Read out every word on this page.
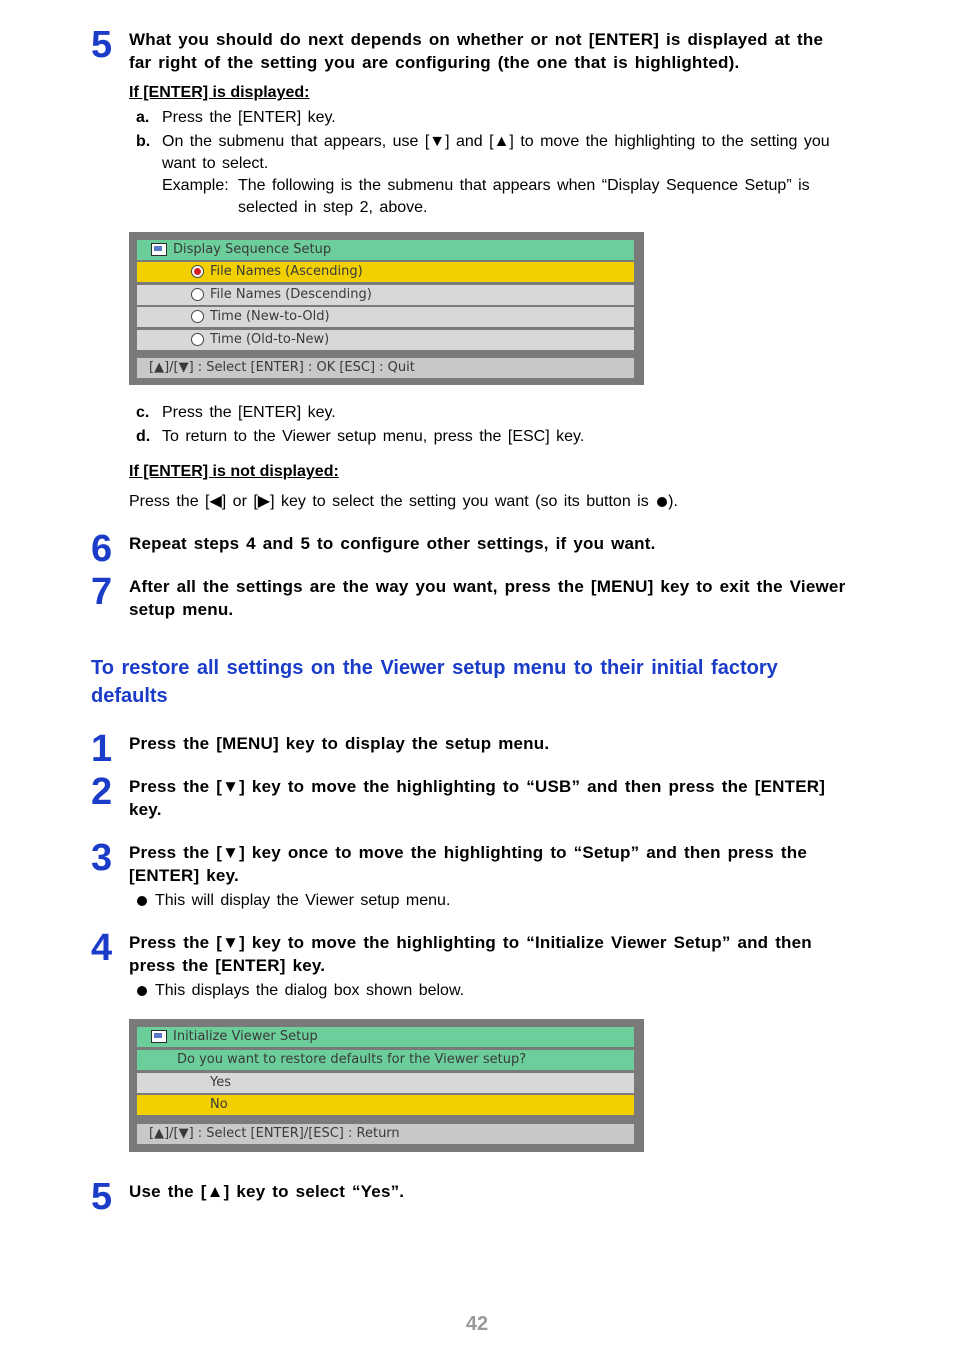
5 What you should do next depends on whether or not [ENTER] is displayed at the far right of the setting you are configuring (the one that is highlighted).
If [ENTER] is displayed:
a. Press the [ENTER] key.
b. On the submenu that appears, use [▼] and [▲] to move the highlighting to the setting you want to select.
Example: The following is the submenu that appears when “Display Sequence Setup” is selected in step 2, above.
Display Sequence Setup
File Names (Ascending)
File Names (Descending)
Time (New-to-Old)
Time (Old-to-New)
[▲]/[▼] : Select [ENTER] : OK [ESC] : Quit
c. Press the [ENTER] key.
d. To return to the Viewer setup menu, press the [ESC] key.
If [ENTER] is not displayed:
Press the [◀] or [▶] key to select the setting you want (so its button is ).
6 Repeat steps 4 and 5 to configure other settings, if you want.
7 After all the settings are the way you want, press the [MENU] key to exit the Viewer setup menu.
To restore all settings on the Viewer setup menu to their initial factory defaults
1 Press the [MENU] key to display the setup menu.
2 Press the [▼] key to move the highlighting to “USB” and then press the [ENTER] key.
3 Press the [▼] key once to move the highlighting to “Setup” and then press the [ENTER] key.
This will display the Viewer setup menu.
4 Press the [▼] key to move the highlighting to “Initialize Viewer Setup” and then press the [ENTER] key.
This displays the dialog box shown below.
Initialize Viewer Setup
Do you want to restore defaults for the Viewer setup?
Yes
No
[▲]/[▼] : Select [ENTER]/[ESC] : Return
5 Use the [▲] key to select “Yes”.
42
